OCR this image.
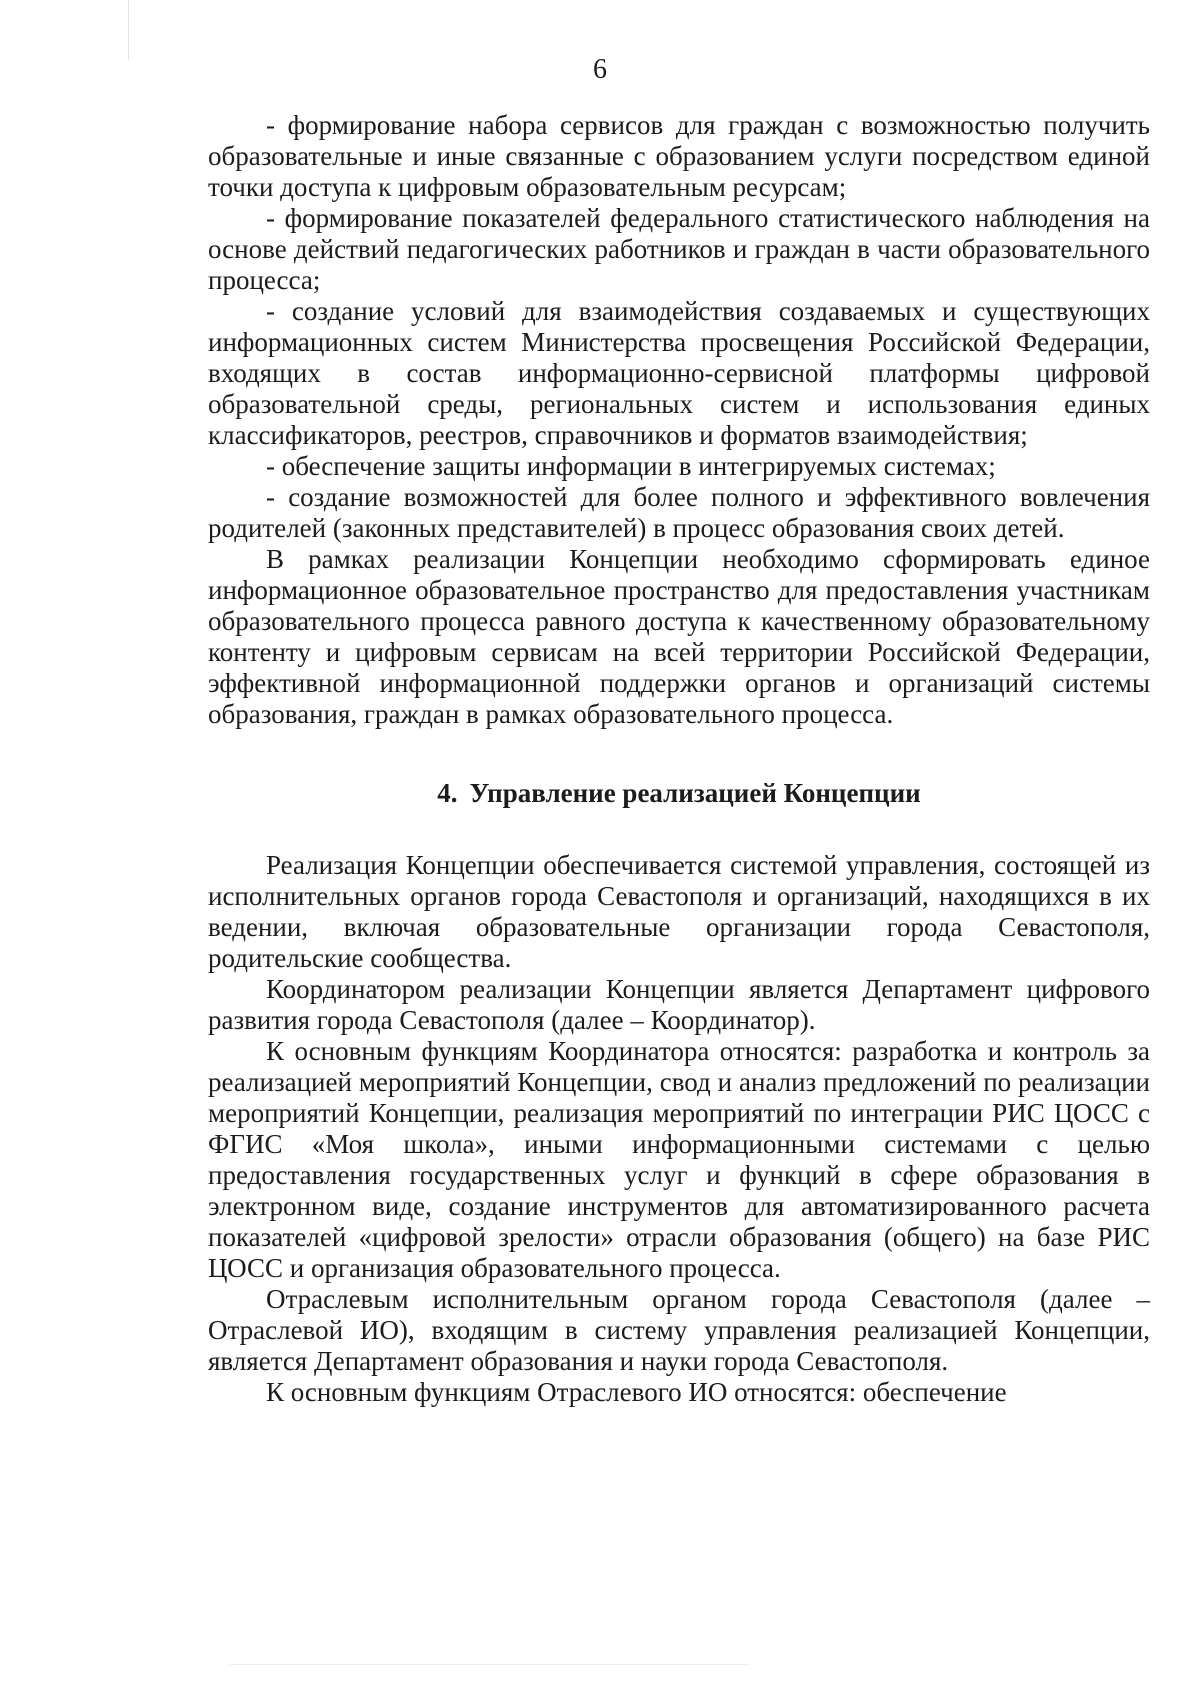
6

- формирование набора сервисов для граждан с возможностью получить образовательные и иные связанные с образованием услуги посредством единой точки доступа к цифровым образовательным ресурсам;

- формирование показателей федерального статистического наблюдения на основе действий педагогических работников и граждан в части образовательного процесса;

- создание условий для взаимодействия создаваемых и существующих информационных систем Министерства просвещения Российской Федерации, входящих в состав информационно-сервисной платформы цифровой образовательной среды, региональных систем и использования единых классификаторов, реестров, справочников и форматов взаимодействия;

- обеспечение защиты информации в интегрируемых системах;

- создание возможностей для более полного и эффективного вовлечения родителей (законных представителей) в процесс образования своих детей.

В рамках реализации Концепции необходимо сформировать единое информационное образовательное пространство для предоставления участникам образовательного процесса равного доступа к качественному образовательному контенту и цифровым сервисам на всей территории Российской Федерации, эффективной информационной поддержки органов и организаций системы образования, граждан в рамках образовательного процесса.

4. Управление реализацией Концепции

Реализация Концепции обеспечивается системой управления, состоящей из исполнительных органов города Севастополя и организаций, находящихся в их ведении, включая образовательные организации города Севастополя, родительские сообщества.

Координатором реализации Концепции является Департамент цифрового развития города Севастополя (далее – Координатор).

К основным функциям Координатора относятся: разработка и контроль за реализацией мероприятий Концепции, свод и анализ предложений по реализации мероприятий Концепции, реализация мероприятий по интеграции РИС ЦОСС с ФГИС «Моя школа», иными информационными системами с целью предоставления государственных услуг и функций в сфере образования в электронном виде, создание инструментов для автоматизированного расчета показателей «цифровой зрелости» отрасли образования (общего) на базе РИС ЦОСС и организация образовательного процесса.

Отраслевым исполнительным органом города Севастополя (далее – Отраслевой ИО), входящим в систему управления реализацией Концепции, является Департамент образования и науки города Севастополя.

К основным функциям Отраслевого ИО относятся: обеспечение
